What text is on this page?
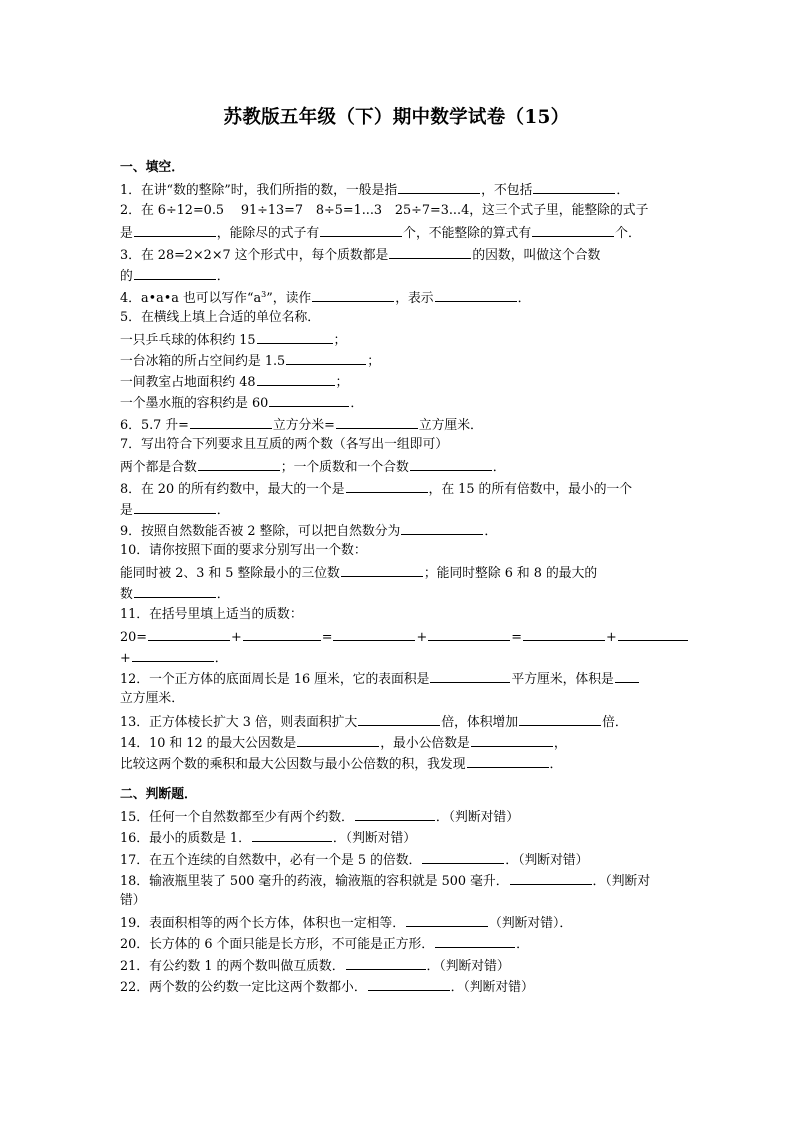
苏教版五年级（下）期中数学试卷（15）
一、填空．
1．在讲“数的整除”时，我们所指的数，一般是指	，不包括	．
2．在 6÷12=0.5　 91÷13=7　8÷5=1...3　25÷7=3...4，这三个式子里，能整除的式子
是	，能除尽的式子有	个，不能整除的算式有	个．
3．在 28=2×2×7 这个形式中，每个质数都是	的因数，叫做这个合数
的	．
4．a•a•a 也可以写作“$a^3$”，读作	，表示	．
5．在横线上填上合适的单位名称．
一只乒乓球的体积约 15	；
一台冰箱的所占空间约是 1.5	；
一间教室占地面积约 48	；
一个墨水瓶的容积约是 60	．
6．5.7 升=	立方分米=	立方厘米．
7．写出符合下列要求且互质的两个数（各写出一组即可）
两个都是合数	；一个质数和一个合数	．
8．在 20 的所有约数中，最大的一个是	，在 15 的所有倍数中，最小的一个
是	．
9．按照自然数能否被 2 整除，可以把自然数分为	．
10．请你按照下面的要求分别写出一个数：
能同时被 2、3 和 5 整除最小的三位数	；能同时整除 6 和 8 的最大的
数	．
11．在括号里填上适当的质数：
20=	+	=	+	=	+
+	．
12．一个正方体的底面周长是 16 厘米，它的表面积是	平方厘米，体积是
立方厘米．
13．正方体棱长扩大 3 倍，则表面积扩大	倍，体积增加	倍．
14．10 和 12 的最大公因数是	，最小公倍数是	，
比较这两个数的乘积和最大公因数与最小公倍数的积，我发现	．
二、判断题．
15．任何一个自然数都至少有两个约数．	．（判断对错）
16．最小的质数是 1．	．（判断对错）
17．在五个连续的自然数中，必有一个是 5 的倍数．	．（判断对错）
18．输液瓶里装了 500 毫升的药液，输液瓶的容积就是 500 毫升．	．（判断对
错）
19．表面积相等的两个长方体，体积也一定相等．	（判断对错）．
20．长方体的 6 个面只能是长方形，不可能是正方形．	．
21．有公约数 1 的两个数叫做互质数．	．（判断对错）
22．两个数的公约数一定比这两个数都小．	．（判断对错）
